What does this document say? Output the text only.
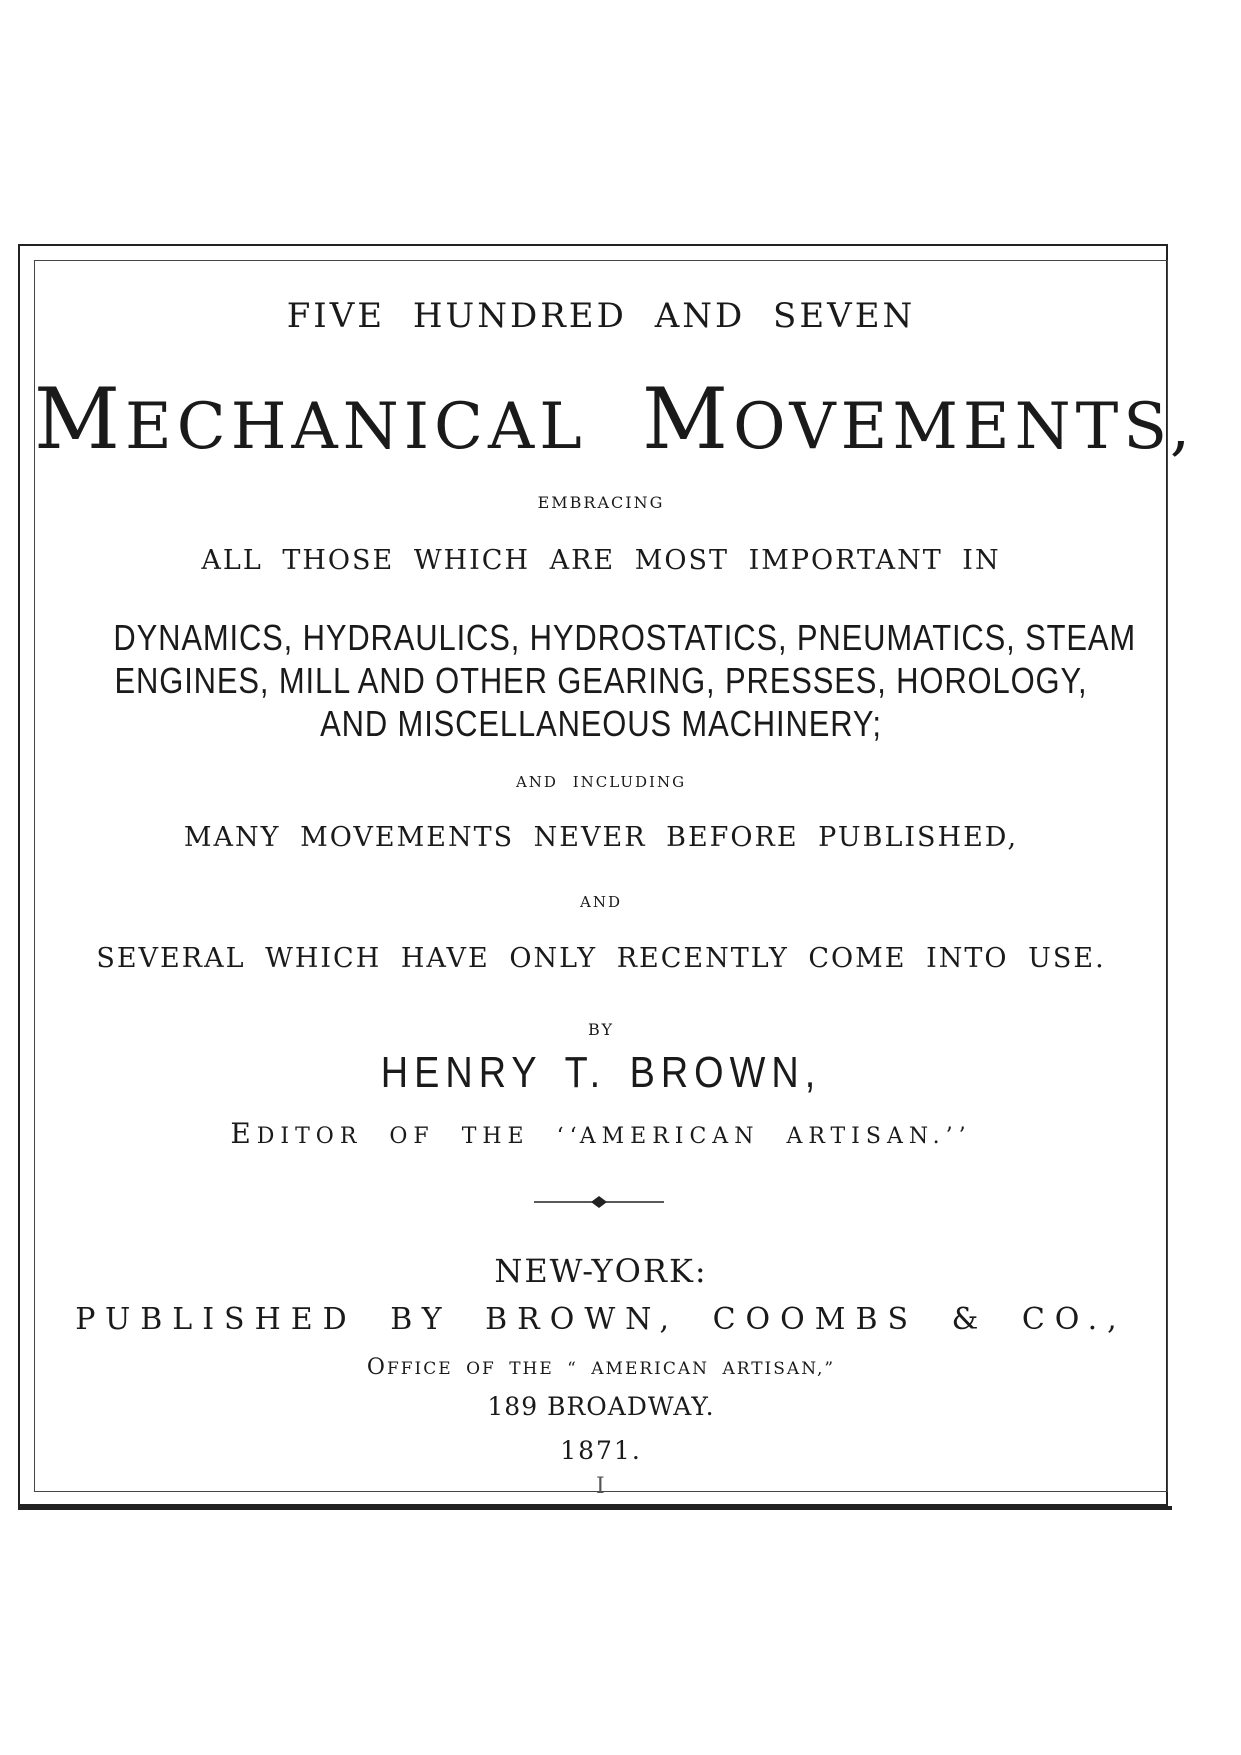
FIVE HUNDRED AND SEVEN
MECHANICAL MOVEMENTS,
EMBRACING
ALL THOSE WHICH ARE MOST IMPORTANT IN
DYNAMICS, HYDRAULICS, HYDROSTATICS, PNEUMATICS, STEAM
ENGINES, MILL AND OTHER GEARING, PRESSES, HOROLOGY,
AND MISCELLANEOUS MACHINERY;
AND INCLUDING
MANY MOVEMENTS NEVER BEFORE PUBLISHED,
AND
SEVERAL WHICH HAVE ONLY RECENTLY COME INTO USE.
BY
HENRY T. BROWN,
EDITOR OF THE ‘‘AMERICAN ARTISAN.’’
NEW-YORK:
PUBLISHED BY BROWN, COOMBS & CO.,
OFFICE OF THE “ AMERICAN ARTISAN,”
189 BROADWAY.
1871.
Ⅰ
